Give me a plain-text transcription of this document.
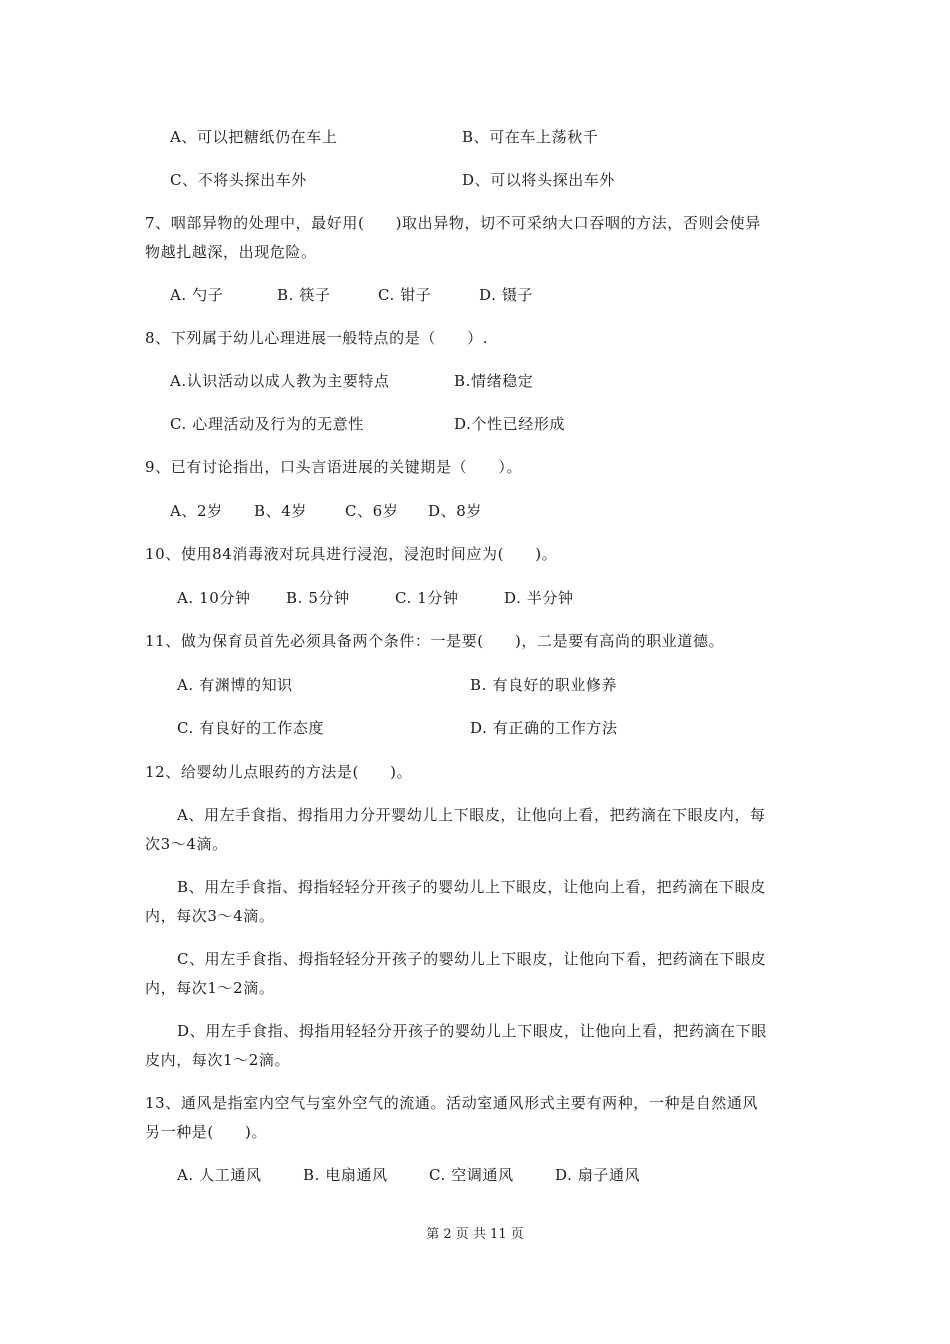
A、可以把糖纸仍在车上	B、可在车上荡秋千
C、不将头探出车外	D、可以将头探出车外
7、咽部异物的处理中，最好用(　　)取出异物，切不可采纳大口吞咽的方法，否则会使异
物越扎越深，出现危险。
A. 勺子	B. 筷子	C. 钳子	D. 镊子
8、下列属于幼儿心理进展一般特点的是（　　）.
A.认识活动以成人教为主要特点	B.情绪稳定
C. 心理活动及行为的无意性	D.个性已经形成
9、已有讨论指出，口头言语进展的关键期是（　　）。
A、2岁 B、4岁	C、6岁 D、8岁
10、使用84消毒液对玩具进行浸泡，浸泡时间应为(　　)。
A. 10分钟 B. 5分钟	C. 1分钟	D. 半分钟
11、做为保育员首先必须具备两个条件：一是要(　　)，二是要有高尚的职业道德。
A. 有渊博的知识	B. 有良好的职业修养
C. 有良好的工作态度	D. 有正确的工作方法
12、给婴幼儿点眼药的方法是(　　)。
A、用左手食指、拇指用力分开婴幼儿上下眼皮，让他向上看，把药滴在下眼皮内，每
次3～4滴。
B、用左手食指、拇指轻轻分开孩子的婴幼儿上下眼皮，让他向上看，把药滴在下眼皮
内，每次3～4滴。
C、用左手食指、拇指轻轻分开孩子的婴幼儿上下眼皮，让他向下看，把药滴在下眼皮
内，每次1～2滴。
D、用左手食指、拇指用轻轻分开孩子的婴幼儿上下眼皮，让他向上看，把药滴在下眼
皮内，每次1～2滴。
13、通风是指室内空气与室外空气的流通。活动室通风形式主要有两种，一种是自然通风
另一种是(　　)。
A. 人工通风	B. 电扇通风	C. 空调通风	D. 扇子通风
第 2 页 共 11 页
